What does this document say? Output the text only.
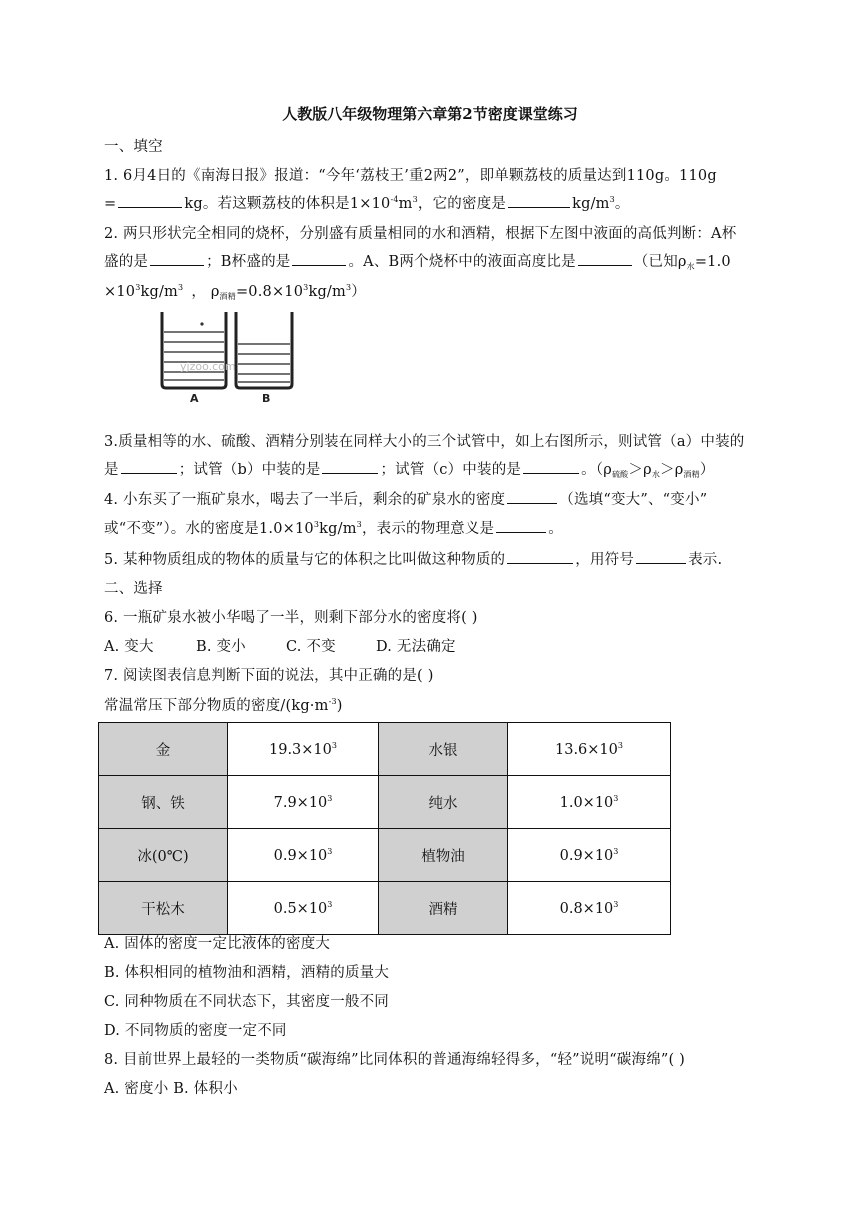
人教版八年级物理第六章第2节密度课堂练习
一、填空
1. 6月4日的《南海日报》报道：“今年‘荔枝王’重2两2”，即单颗荔枝的质量达到110g。110g
=	kg。若这颗荔枝的体积是$1\times 10^{-4}m^3$，它的密度是	$kg/m^3$。
2. 两只形状完全相同的烧杯，分别盛有质量相同的水和酒精，根据下左图中液面的高低判断：A杯
盛的是	；B杯盛的是	。A、B两个烧杯中的液面高度比是	（已知$\rho_水=1.0$
$\times 10^3kg/m^3$ ， $\rho_{酒精}=0.8\times 10^3kg/m^3$）
yjzoo.com
A	B
3.质量相等的水、硫酸、酒精分别装在同样大小的三个试管中，如上右图所示，则试管（a）中装的
是	；试管（b）中装的是	；试管（c）中装的是	。$(\rho_{硫酸}>\rho_水>\rho_{酒精})$
4. 小东买了一瓶矿泉水，喝去了一半后，剩余的矿泉水的密度	（选填“变大”、“变小”
或“不变”）。水的密度是$1.0\times 10^3kg/m^3$，表示的物理意义是	。
5. 某种物质组成的物体的质量与它的体积之比叫做这种物质的	，用符号	表示.
二、选择
6. 一瓶矿泉水被小华喝了一半，则剩下部分水的密度将( )
A. 变大	B. 变小	C. 不变	D. 无法确定
7. 阅读图表信息判断下面的说法，其中正确的是( )
常温常压下部分物质的密度$/(kg\cdot m^{-3})$
金	$19.3\times 10^3$	水银	$13.6\times 10^3$
钢、铁	$7.9\times 10^3$	纯水	$1.0\times 10^3$
冰(0℃)	$0.9\times 10^3$	植物油	$0.9\times 10^3$
干松木	$0.5\times 10^3$	酒精	$0.8\times 10^3$
A. 固体的密度一定比液体的密度大
B. 体积相同的植物油和酒精，酒精的质量大
C. 同种物质在不同状态下，其密度一般不同
D. 不同物质的密度一定不同
8. 目前世界上最轻的一类物质“碳海绵”比同体积的普通海绵轻得多，“轻”说明“碳海绵”( )
A. 密度小 B. 体积小
